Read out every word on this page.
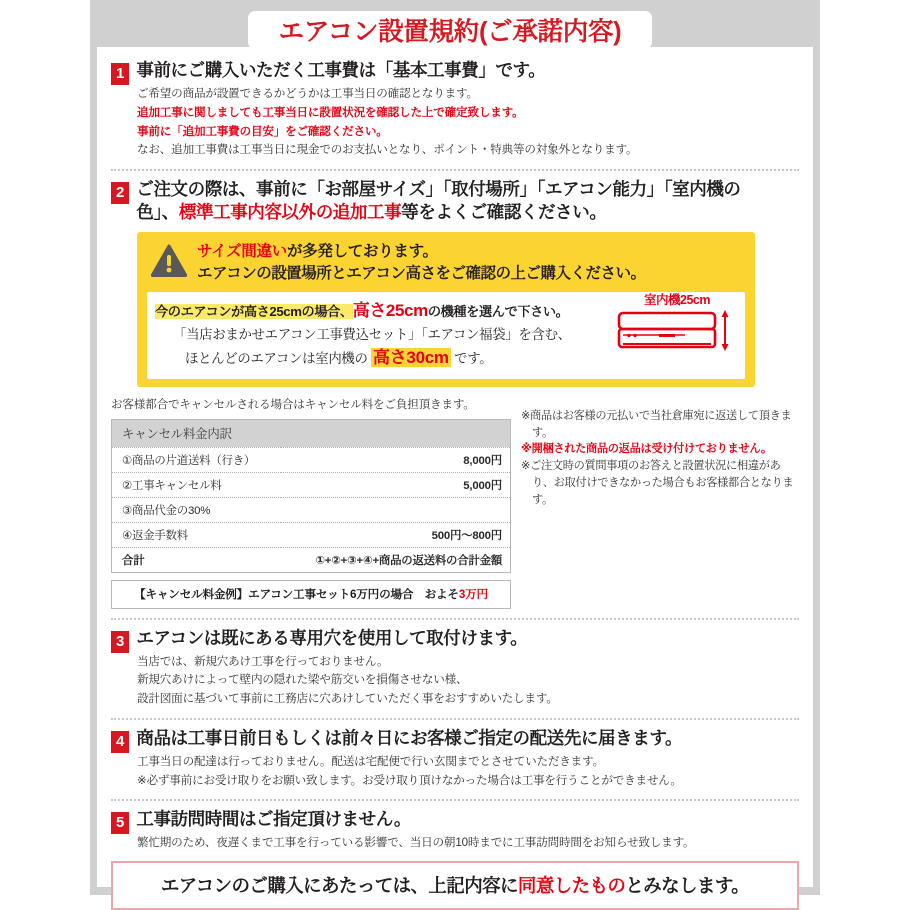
エアコン設置規約(ご承諾内容)
1 事前にご購入いただく工事費は「基本工事費」です。
ご希望の商品が設置できるかどうかは工事当日の確認となります。
追加工事に関しましても工事当日に設置状況を確認した上で確定致します。
事前に「追加工事費の目安」をご確認ください。
なお、追加工事費は工事当日に現金でのお支払いとなり、ポイント・特典等の対象外となります。
2 ご注文の際は、事前に「お部屋サイズ」「取付場所」「エアコン能力」「室内機の
色」、標準工事内容以外の追加工事等をよくご確認ください。
サイズ間違いが多発しております。
エアコンの設置場所とエアコン高さをご確認の上ご購入ください。
今のエアコンが高さ25cmの場合、高さ25cmの機種を選んで下さい。
「当店おまかせエアコン工事費込セット」「エアコン福袋」を含む、
ほとんどのエアコンは室内機の 高さ30cm です。
室内機25cm
お客様都合でキャンセルされる場合はキャンセル料をご負担頂きます。
キャンセル料金内訳	
①商品の片道送料（行き）	8,000円
②工事キャンセル料	5,000円
③商品代金の30%	
④返金手数料	500円～800円
合計	①+②+③+④+商品の返送料の合計金額
【キャンセル料金例】エアコン工事セット6万円の場合　およそ3万円
※商品はお客様の元払いで当社倉庫宛に返送して頂きます。
※開梱された商品の返品は受け付けておりません。
※ご注文時の質問事項のお答えと設置状況に相違があり、お取付けできなかった場合もお客様都合となります。
3 エアコンは既にある専用穴を使用して取付けます。
当店では、新規穴あけ工事を行っておりません。
新規穴あけによって壁内の隠れた梁や筋交いを損傷させない様、
設計図面に基づいて事前に工務店に穴あけしていただく事をおすすめいたします。
4 商品は工事日前日もしくは前々日にお客様ご指定の配送先に届きます。
工事当日の配達は行っておりません。配送は宅配便で行い玄関までとさせていただきます。
※必ず事前にお受け取りをお願い致します。お受け取り頂けなかった場合は工事を行うことができません。
5 工事訪問時間はご指定頂けません。
繁忙期のため、夜遅くまで工事を行っている影響で、当日の朝10時までに工事訪問時間をお知らせ致します。
エアコンのご購入にあたっては、上記内容に同意したものとみなします。
